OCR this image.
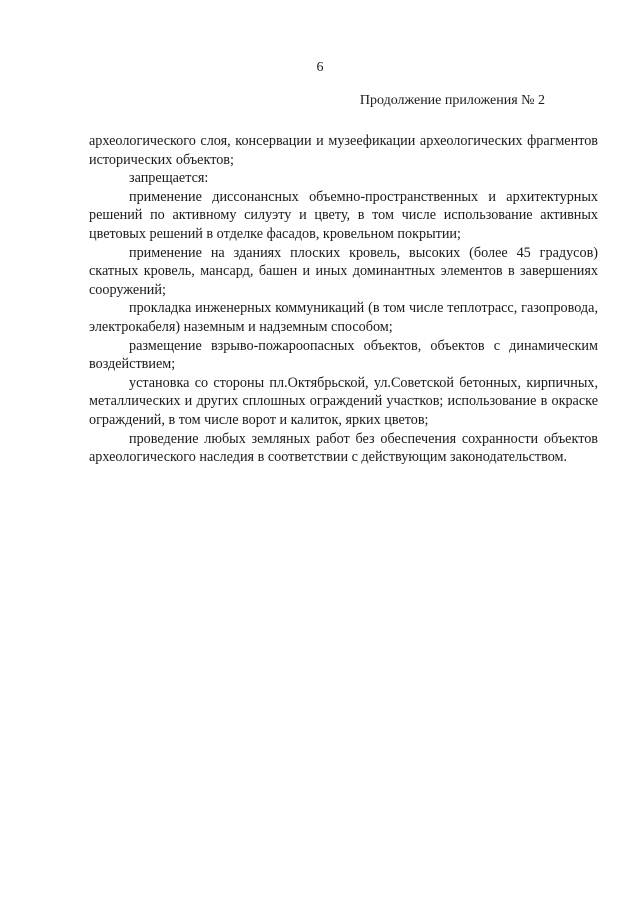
6
Продолжение приложения № 2

археологического слоя, консервации и музеефикации археологических фрагментов исторических объектов;

запрещается:

применение диссонансных объемно-пространственных и архитектурных решений по активному силуэту и цвету, в том числе использование активных цветовых решений в отделке фасадов, кровельном покрытии;

применение на зданиях плоских кровель, высоких (более 45 градусов) скатных кровель, мансард, башен и иных доминантных элементов в завершениях сооружений;

прокладка инженерных коммуникаций (в том числе теплотрасс, газопровода, электрокабеля) наземным и надземным способом;

размещение взрыво-пожароопасных объектов, объектов с динамическим воздействием;

установка со стороны пл.Октябрьской, ул.Советской бетонных, кирпичных, металлических и других сплошных ограждений участков; использование в окраске ограждений, в том числе ворот и калиток, ярких цветов;

проведение любых земляных работ без обеспечения сохранности объектов археологического наследия в соответствии с действующим законодательством.
